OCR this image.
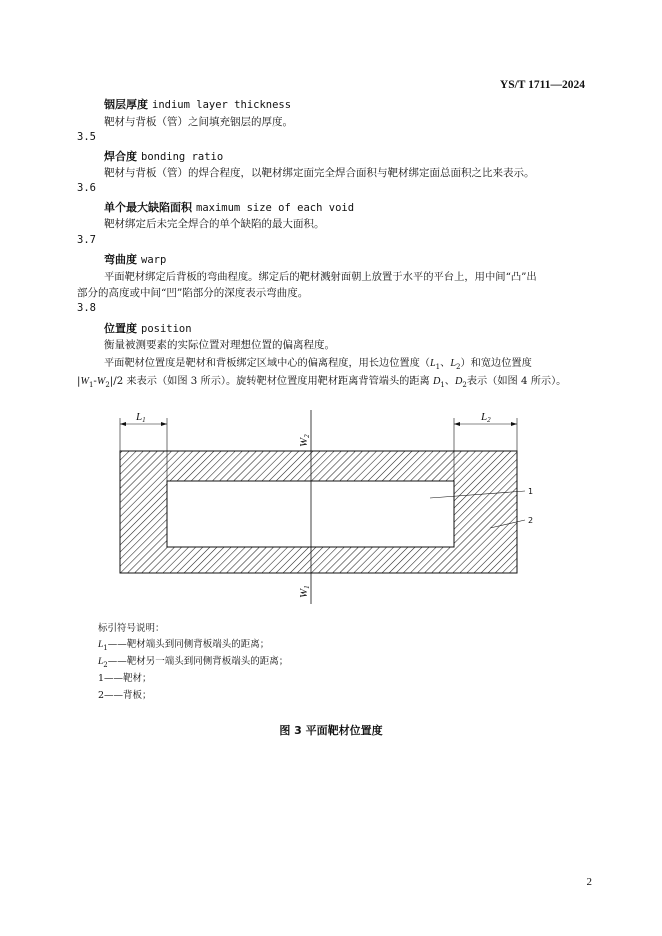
YS/T 1711—2024
铟层厚度 indium layer thickness
靶材与背板（管）之间填充铟层的厚度。
3.5
焊合度 bonding ratio
靶材与背板（管）的焊合程度，以靶材绑定面完全焊合面积与靶材绑定面总面积之比来表示。
3.6
单个最大缺陷面积 maximum size of each void
靶材绑定后未完全焊合的单个缺陷的最大面积。
3.7
弯曲度 warp
平面靶材绑定后背板的弯曲程度。绑定后的靶材溅射面朝上放置于水平的平台上，用中间“凸”出
部分的高度或中间“凹”陷部分的深度表示弯曲度。
3.8
位置度 position
衡量被测要素的实际位置对理想位置的偏离程度。
平面靶材位置度是靶材和背板绑定区域中心的偏离程度，用长边位置度（$L_1$、$L_2$）和宽边位置度
$|W_1-W_2|/2$ 来表示（如图 3 所示）。旋转靶材位置度用靶材距离背管端头的距离 $D_1$、$D_2$表示（如图 4 所示）。
L1	L2
W2
W1
1
2
标引符号说明：
$L_1——$靶材端头到同侧背板端头的距离；
$L_2——$靶材另一端头到同侧背板端头的距离；
1——靶材；
2——背板；
图 3 平面靶材位置度
2
